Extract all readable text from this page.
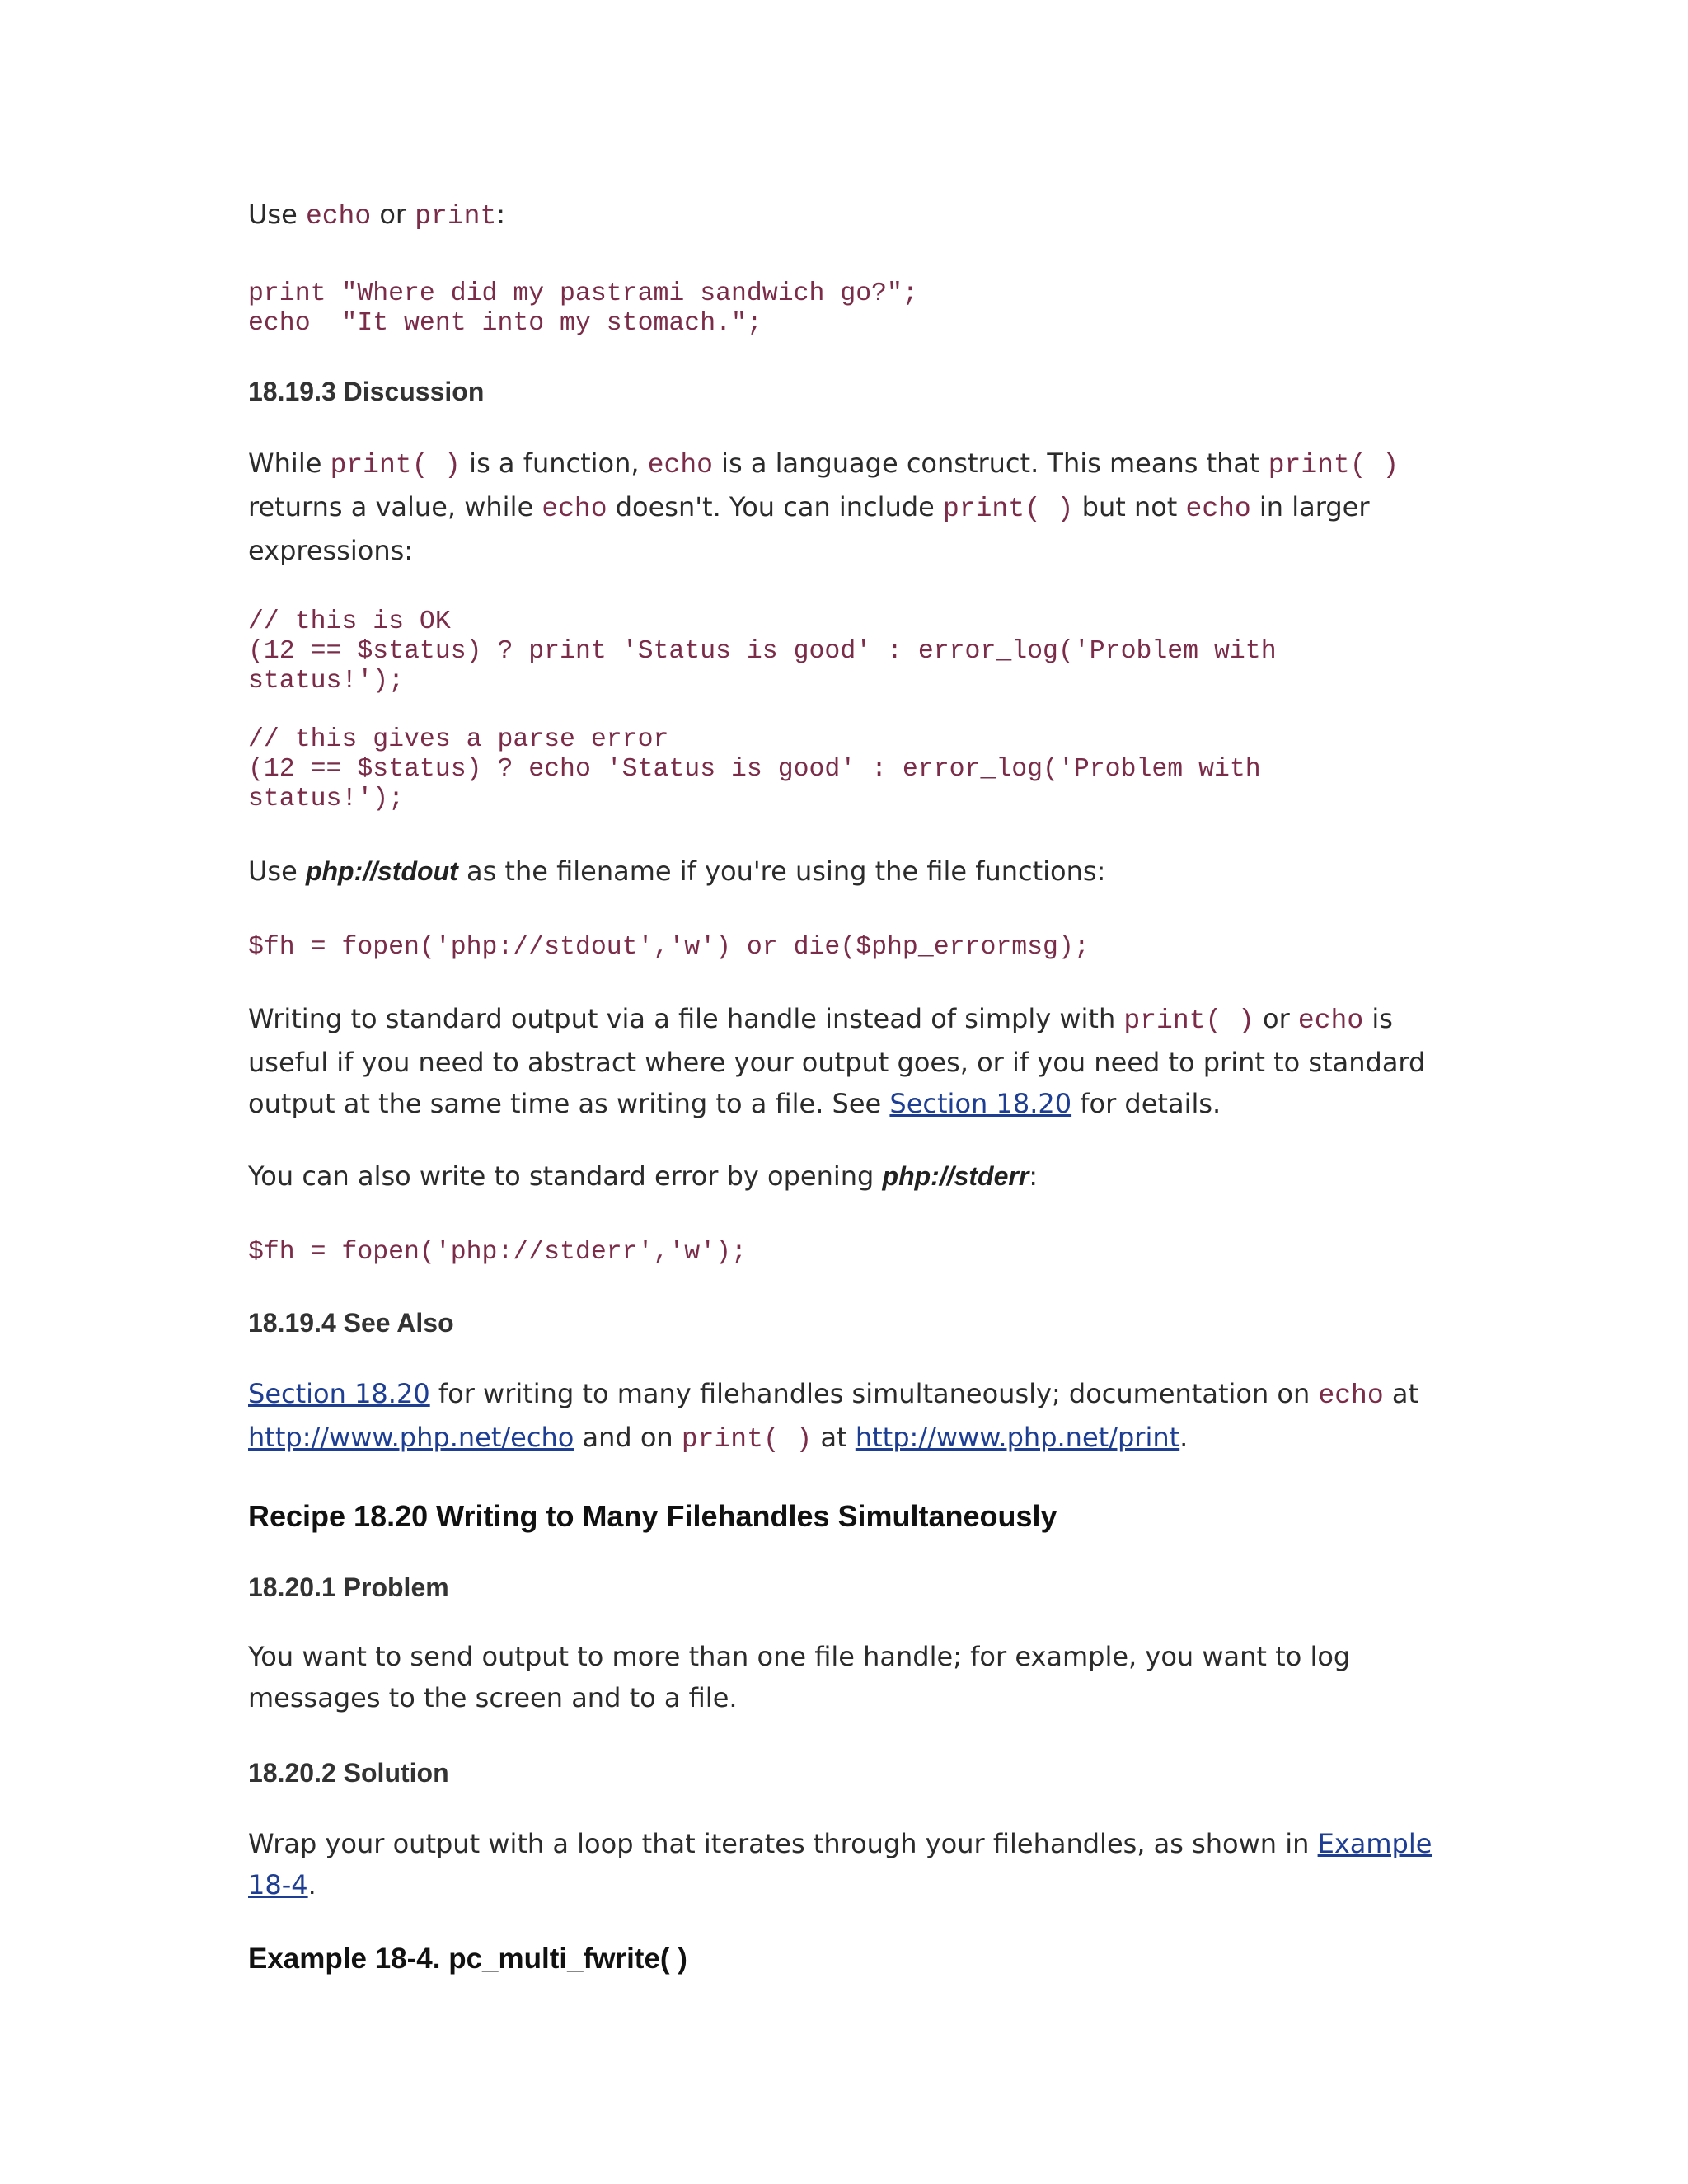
Use echo or print:

print "Where did my pastrami sandwich go?";
echo  "It went into my stomach.";
18.19.3 Discussion

While print( ) is a function, echo is a language construct. This means that print( ) returns a value, while echo doesn't. You can include print( ) but not echo in larger expressions:

// this is OK
(12 == $status) ? print 'Status is good' : error_log('Problem with
status!');
// this gives a parse error
(12 == $status) ? echo 'Status is good' : error_log('Problem with
status!');

Use php://stdout as the filename if you're using the file functions:

$fh = fopen('php://stdout','w') or die($php_errormsg);

Writing to standard output via a file handle instead of simply with print( ) or echo is useful if you need to abstract where your output goes, or if you need to print to standard output at the same time as writing to a file. See Section 18.20 for details.

You can also write to standard error by opening php://stderr:

$fh = fopen('php://stderr','w');
18.19.4 See Also

Section 18.20 for writing to many filehandles simultaneously; documentation on echo at http://www.php.net/echo and on print( ) at http://www.php.net/print.

Recipe 18.20 Writing to Many Filehandles Simultaneously
18.20.1 Problem

You want to send output to more than one file handle; for example, you want to log messages to the screen and to a file.

18.20.2 Solution

Wrap your output with a loop that iterates through your filehandles, as shown in Example 18-4.

Example 18-4. pc_multi_fwrite( )
